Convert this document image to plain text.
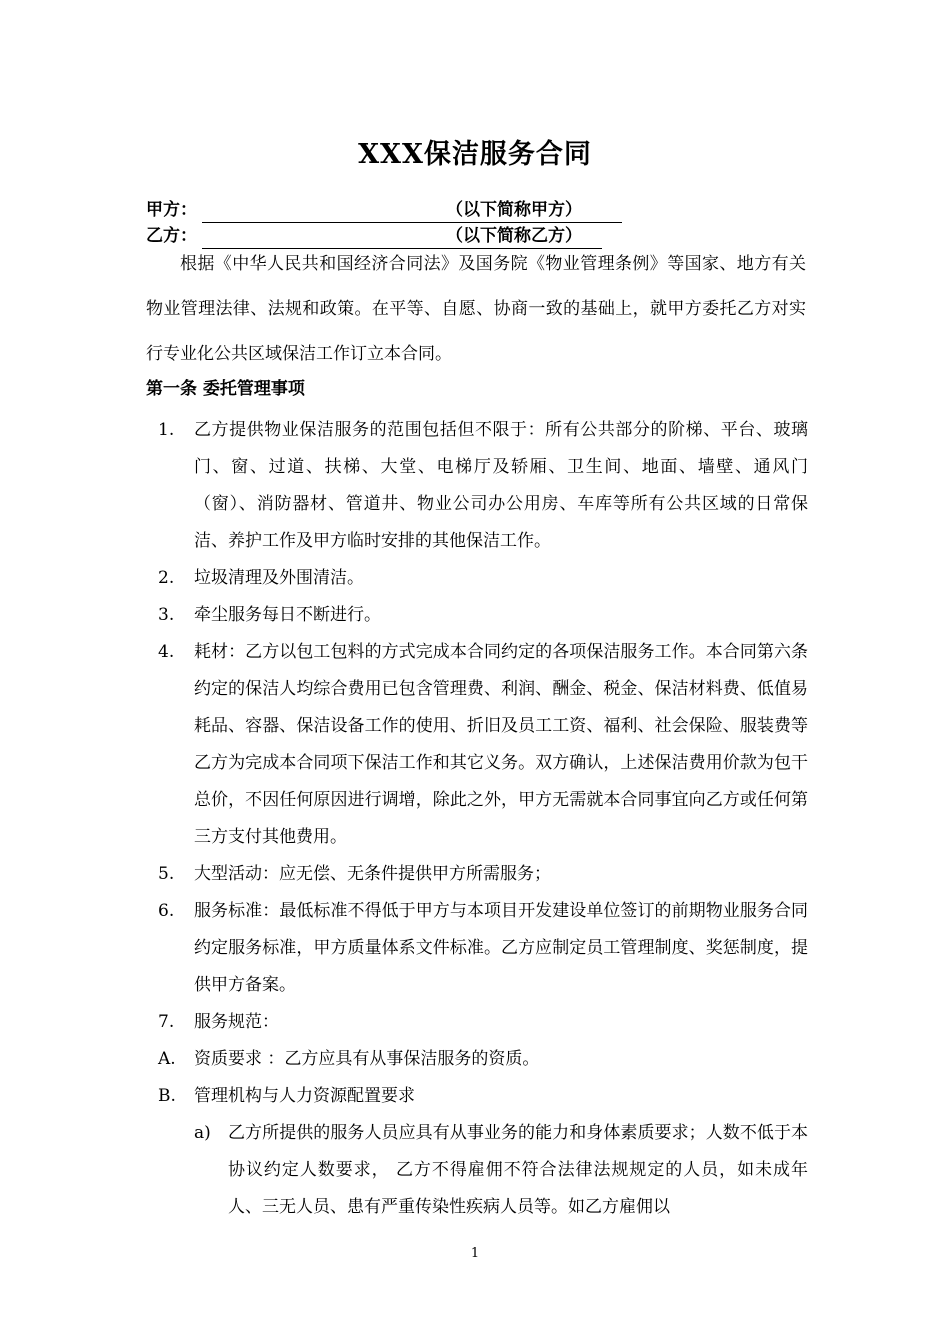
XXX保洁服务合同
甲方：	（以下简称甲方）
乙方：	（以下简称乙方）

根据《中华人民共和国经济合同法》及国务院《物业管理条例》等国家、地方有关物业管理法律、法规和政策。在平等、自愿、协商一致的基础上，就甲方委托乙方对实行专业化公共区域保洁工作订立本合同。

第一条 委托管理事项
1. 乙方提供物业保洁服务的范围包括但不限于：所有公共部分的阶梯、平台、玻璃门、窗、过道、扶梯、大堂、电梯厅及轿厢、卫生间、地面、墙壁、通风门（窗）、消防器材、管道井、物业公司办公用房、车库等所有公共区域的日常保洁、养护工作及甲方临时安排的其他保洁工作。
2. 垃圾清理及外围清洁。
3. 牵尘服务每日不断进行。
4. 耗材：乙方以包工包料的方式完成本合同约定的各项保洁服务工作。本合同第六条约定的保洁人均综合费用已包含管理费、利润、酬金、税金、保洁材料费、低值易耗品、容器、保洁设备工作的使用、折旧及员工工资、福利、社会保险、服装费等乙方为完成本合同项下保洁工作和其它义务。双方确认，上述保洁费用价款为包干总价，不因任何原因进行调增，除此之外，甲方无需就本合同事宜向乙方或任何第三方支付其他费用。
5. 大型活动：应无偿、无条件提供甲方所需服务；
6. 服务标准：最低标准不得低于甲方与本项目开发建设单位签订的前期物业服务合同约定服务标准，甲方质量体系文件标准。乙方应制定员工管理制度、奖惩制度，提供甲方备案。
7. 服务规范：
A. 资质要求 ：乙方应具有从事保洁服务的资质。
B. 管理机构与人力资源配置要求
a) 乙方所提供的服务人员应具有从事业务的能力和身体素质要求；人数不低于本协议约定人数要求， 乙方不得雇佣不符合法律法规规定的人员，如未成年人、三无人员、患有严重传染性疾病人员等。如乙方雇佣以
1
